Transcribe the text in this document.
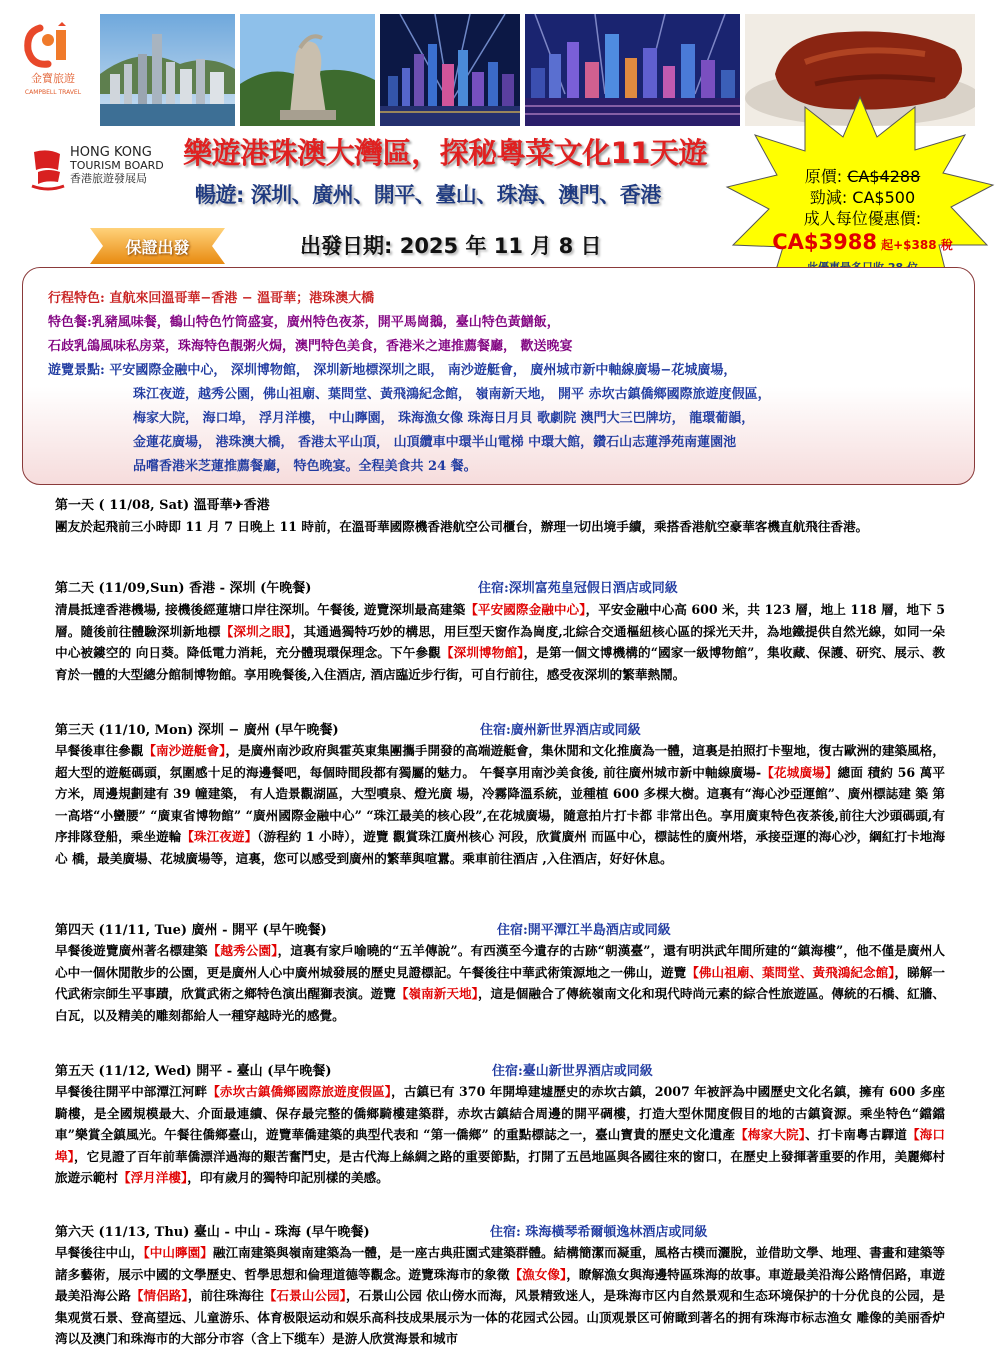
金寶旅遊
CAMPBELL TRAVEL
HONG KONG
TOURISM BOARD
香港旅遊發展局
樂遊港珠澳大灣區，探秘粵菜文化11天遊
暢遊: 深圳、廣州、開平、臺山、珠海、澳門、香港
保證出發	出發日期: 2025 年 11 月 8 日
原價: CA$4288
勁減: CA$500
成人每位優惠價:
CA$3988 起+$388 稅
行程特色: 直航來回溫哥華−香港 − 溫哥華；港珠澳大橋
特色餐:乳豬風味餐，鶴山特色竹筒盛宴，廣州特色夜茶，開平馬崗鵝，臺山特色黃鱔飯，
石歧乳鴿風味私房菜，珠海特色靚粥火焗，澳門特色美食，香港米之連推薦餐廳， 歡送晚宴
遊覽景點: 平安國際金融中心， 深圳博物館， 深圳新地標深圳之眼， 南沙遊艇會， 廣州城市新中軸線廣場−花城廣場，
珠江夜遊，越秀公園，佛山祖廟、葉問堂、黃飛鴻紀念館， 嶺南新天地， 開平 赤坎古鎮僑鄉國際旅遊度假區，
梅家大院， 海口埠， 浮月洋樓， 中山矃園， 珠海漁女像 珠海日月貝 歌劇院 澳門大三巴牌坊， 龍環葡韻，
金蓮花廣場， 港珠澳大橋， 香港太平山頂， 山頂纜車中環半山電梯 中環大館，鑽石山志蓮淨苑南蓮園池
品嚐香港米芝蓮推薦餐廳， 特色晚宴。全程美食共 24 餐。
第一天 ( 11/08, Sat) 溫哥華✈香港
團友於起飛前三小時即 11 月 7 日晚上 11 時前，在溫哥華國際機香港航空公司櫃台，辦理一切出境手續，乘搭香港航空豪華客機直航飛往香港。
第二天 (11/09,Sun) 香港 - 深圳 (午晚餐)	住宿:深圳富苑皇冠假日酒店或同級
清晨抵達香港機場, 接機後經蓮塘口岸往深圳。午餐後, 遊覽深圳最高建築【平安國際金融中心】，平安金融中心高 600 米，共 123 層，地上 118 層，地下 5 層。隨後前往體驗深圳新地標【深圳之眼】，其通過獨特巧妙的構思，用巨型天窗作為崗度,北綜合交通樞紐核心區的採光天井，為地鐵提供自然光線，如同一朵中心被鏤空的 向日葵。降低電力消耗，充分體現環保理念。下午參觀【深圳博物館】，是第一個文博機構的“國家一級博物館”，集收藏、保護、研究、展示、教育於一體的大型總分館制博物館。享用晚餐後,入住酒店, 酒店臨近步行街，可自行前往，感受夜深圳的繁華熱鬧。
第三天 (11/10, Mon) 深圳 − 廣州 (早午晚餐)	住宿:廣州新世界酒店或同級
早餐後車往參觀【南沙遊艇會】，是廣州南沙政府與霍英東集團攜手開發的高端遊艇會，集休閒和文化推廣為一體，這裏是拍照打卡聖地，復古歐洲的建築風格，超大型的遊艇碼頭，氛圍感十足的海邊餐吧，每個時間段都有獨屬的魅力。 午餐享用南沙美食後, 前往廣州城市新中軸線廣場-【花城廣場】總面 積約 56 萬平方米，周邊規劃建有 39 幢建築， 有人造景觀湖區，大型噴泉、燈光廣 場，冷霧降溫系統，並種植 600 多棵大樹。這裏有“海心沙亞運館”、廣州標誌建 築 第一高塔“小蠻腰” “廣東省博物館” “廣州國際金融中心” “珠江最美的核心段”,在花城廣場，隨意拍片打卡都 非常出色。享用廣東特色夜茶後,前往大沙頭碼頭,有序排隊登船，乘坐遊輪【珠江夜遊】（游程約 1 小時），遊覽 觀賞珠江廣州核心 河段，欣賞廣州 而區中心，標誌性的廣州塔，承接亞運的海心沙，綱紅打卡地海心 橋，最美廣場、花城廣場等，這裏，您可以感受到廣州的繁華與喧囂。乘車前往酒店 ,入住酒店，好好休息。
第四天 (11/11, Tue) 廣州 - 開平 (早午晚餐)	住宿:開平潭江半島酒店或同級
早餐後遊覽廣州著名標建築【越秀公園】，這裏有家戶喻曉的“五羊傳說”。有西漢至今遺存的古跡“朝漢臺”，還有明洪武年間所建的“鎮海樓”，他不僅是廣州人心中一個休閒散步的公園，更是廣州人心中廣州城發展的歷史見證標記。午餐後往中華武術策源地之一佛山，遊覽【佛山祖廟、葉問堂、黃飛鴻紀念館】，睇解一代武術宗師生平事蹟，欣賞武術之鄉特色演出醒獅表演。遊覽【嶺南新天地】，這是個融合了傳統嶺南文化和現代時尚元素的綜合性旅遊區。傳統的石橋、紅牆、白瓦，以及精美的雕刻都給人一種穿越時光的感覺。
第五天 (11/12, Wed) 開平 - 臺山 (早午晚餐)	住宿:臺山新世界酒店或同級
早餐後往開平中部潭江河畔【赤坎古鎮僑鄉國際旅遊度假區】，古鎮已有 370 年開埠建墟歷史的赤坎古鎮，2007 年被評為中國歷史文化名鎮，擁有 600 多座騎樓，是全國規模最大、介面最連續、保存最完整的僑鄉騎樓建築群，赤坎古鎮結合周邊的開平碉樓，打造大型休閒度假目的地的古鎮資源。乘坐特色“鐺鐺車”樂賞全鎮風光。午餐往僑鄉臺山，遊覽華僑建築的典型代表和 “第一僑鄉” 的重點標誌之一，臺山寶貴的歷史文化遺產【梅家大院】、打卡南粵古驛道【海口埠】，它見證了百年前華僑漂洋過海的艱苦奮鬥史，是古代海上絲綢之路的重要節點，打開了五邑地區與各國往來的窗口，在歷史上發揮著重要的作用，美麗鄉村旅遊示範村【浮月洋樓】，印有歲月的獨特印記別樣的美感。
第六天 (11/13, Thu) 臺山 - 中山 - 珠海 (早午晚餐)	住宿: 珠海橫琴希爾頓逸林酒店或同級
早餐後往中山，【中山矃園】融江南建築與嶺南建築為一體，是一座古典莊園式建築群體。結構簡潔而凝重，風格古樸而灑脫，並借助文學、地理、書畫和建築等諸多藝術，展示中國的文學歷史、哲學思想和倫理道德等觀念。遊覽珠海市的象徵【漁女像】，瞭解漁女與海邊特區珠海的故事。車遊最美沿海公路情侶路，車遊最美沿海公路【情侶路】，前往珠海往【石景山公园】，石景山公园 依山傍水而海，风景精致迷人，是珠海市区内自然景观和生态环境保护的十分优良的公园，是集观赏石景、登高望远、儿童游乐、体育极限运动和娱乐高科技成果展示为一体的花园式公园。山顶观景区可俯瞰到著名的拥有珠海市标志渔女 雕像的美丽香炉湾以及澳门和珠海市的大部分市容（含上下缆车）是游人欣赏海景和城市
